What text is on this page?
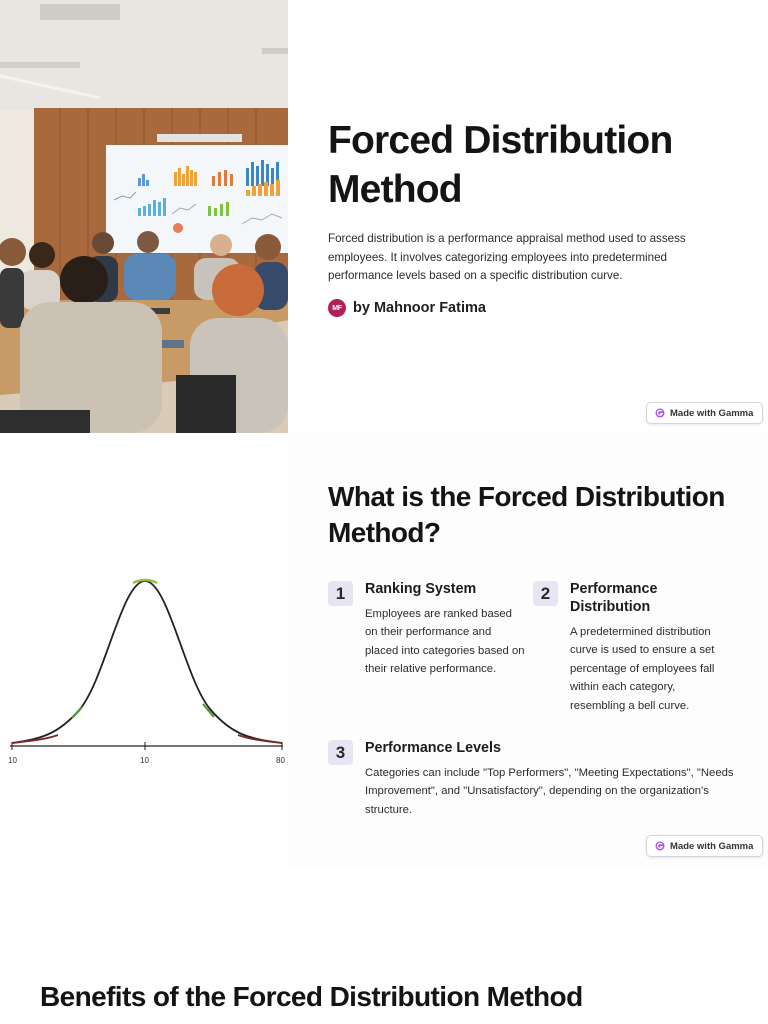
Forced Distribution Method

Forced distribution is a performance appraisal method used to assess employees. It involves categorizing employees into predetermined performance levels based on a specific distribution curve.

MF by Mahnoor Fatima
Made with Gamma
10	10	80
What is the Forced Distribution Method?
1	Ranking System

Employees are ranked based on their performance and placed into categories based on their relative performance.

2	Performance Distribution

A predetermined distribution curve is used to ensure a set percentage of employees fall within each category, resembling a bell curve.

3	Performance Levels

Categories can include "Top Performers", "Meeting Expectations", "Needs Improvement", and "Unsatisfactory", depending on the organization's structure.

Made with Gamma
Benefits of the Forced Distribution Method
